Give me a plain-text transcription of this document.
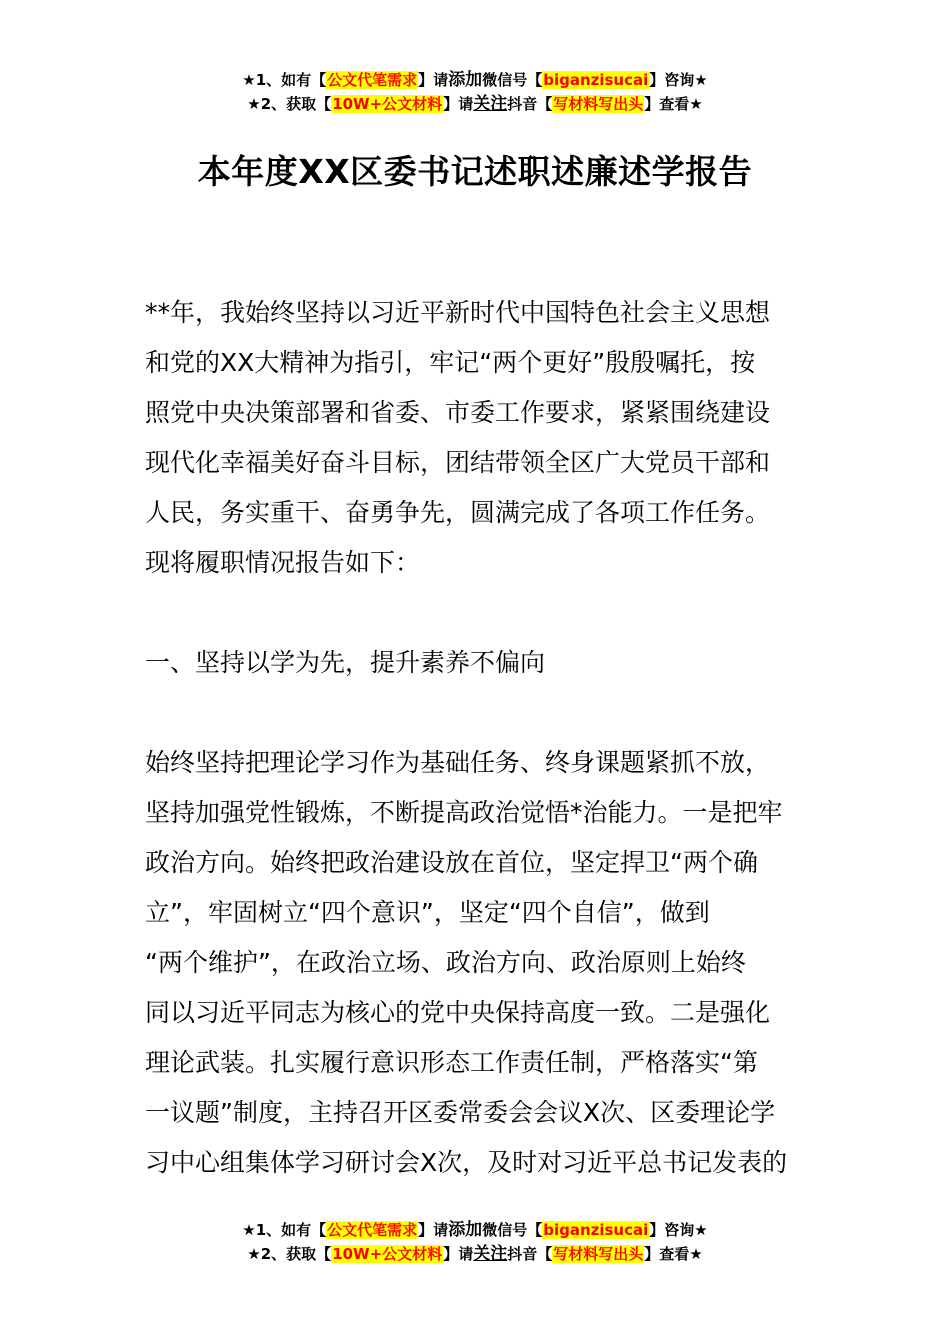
★1、如有【公文代笔需求】请添加微信号【biganzisucai】咨询★
★2、获取【10W+公文材料】请关注抖音【写材料写出头】查看★
本年度XX区委书记述职述廉述学报告
**年，我始终坚持以习近平新时代中国特色社会主义思想
和党的XX大精神为指引，牢记“两个更好”殷殷嘱托，按
照党中央决策部署和省委、市委工作要求，紧紧围绕建设
现代化幸福美好奋斗目标，团结带领全区广大党员干部和
人民，务实重干、奋勇争先，圆满完成了各项工作任务。
现将履职情况报告如下：
一、坚持以学为先，提升素养不偏向
始终坚持把理论学习作为基础任务、终身课题紧抓不放，
坚持加强党性锻炼，不断提高政治觉悟*治能力。一是把牢
政治方向。始终把政治建设放在首位，坚定捍卫“两个确
立”，牢固树立“四个意识”，坚定“四个自信”，做到
“两个维护”，在政治立场、政治方向、政治原则上始终
同以习近平同志为核心的党中央保持高度一致。二是强化
理论武装。扎实履行意识形态工作责任制，严格落实“第
一议题”制度，主持召开区委常委会会议X次、区委理论学
习中心组集体学习研讨会X次，及时对习近平总书记发表的
★1、如有【公文代笔需求】请添加微信号【biganzisucai】咨询★
★2、获取【10W+公文材料】请关注抖音【写材料写出头】查看★
